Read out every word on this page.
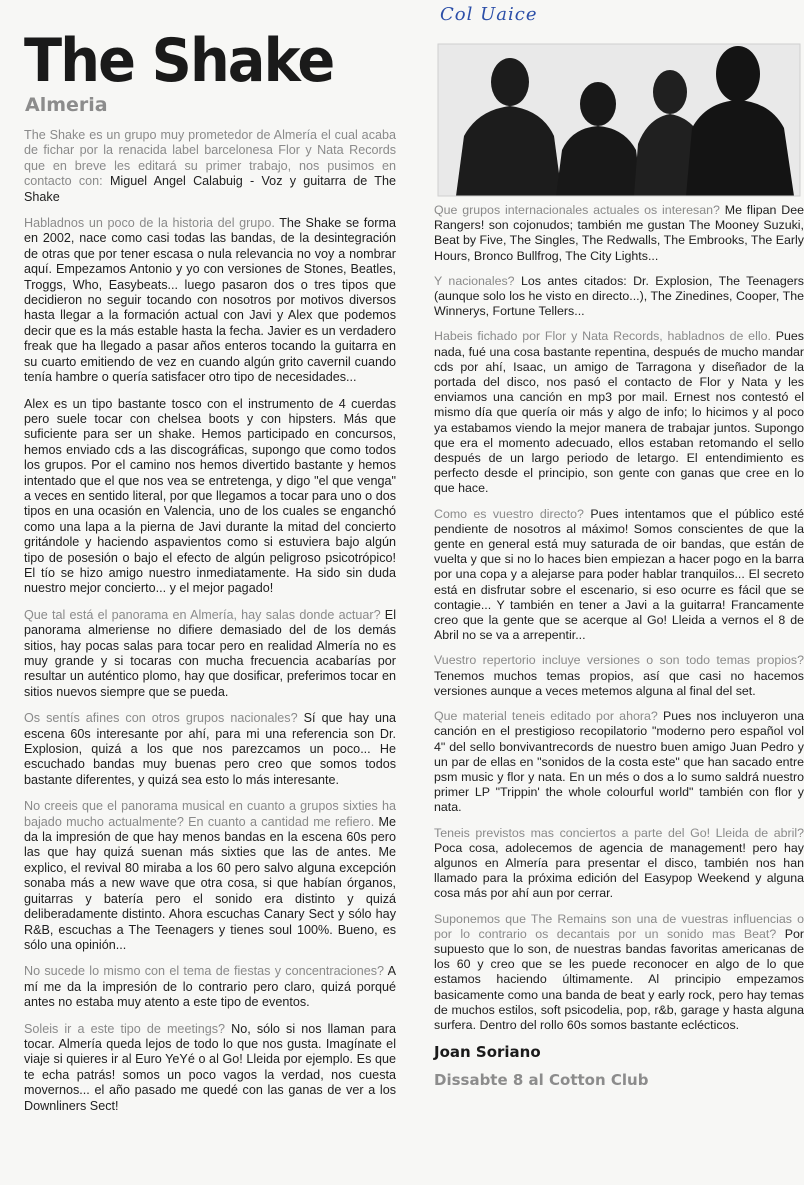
The Shake
Almeria

The Shake es un grupo muy prometedor de Almería el cual acaba de fichar por la renacida label barcelonesa Flor y Nata Records que en breve les editará su primer trabajo, nos pusimos en contacto con: Miguel Angel Calabuig - Voz y guitarra de The Shake

Habladnos un poco de la historia del grupo. The Shake se forma en 2002, nace como casi todas las bandas, de la desintegración de otras que por tener escasa o nula relevancia no voy a nombrar aquí. Empezamos Antonio y yo con versiones de Stones, Beatles, Troggs, Who, Easybeats... luego pasaron dos o tres tipos que decidieron no seguir tocando con nosotros por motivos diversos hasta llegar a la formación actual con Javi y Alex que podemos decir que es la más estable hasta la fecha. Javier es un verdadero freak que ha llegado a pasar años enteros tocando la guitarra en su cuarto emitiendo de vez en cuando algún grito cavernil cuando tenía hambre o quería satisfacer otro tipo de necesidades...

Alex es un tipo bastante tosco con el instrumento de 4 cuerdas pero suele tocar con chelsea boots y con hipsters. Más que suficiente para ser un shake. Hemos participado en concursos, hemos enviado cds a las discográficas, supongo que como todos los grupos. Por el camino nos hemos divertido bastante y hemos intentado que el que nos vea se entretenga, y digo "el que venga" a veces en sentido literal, por que llegamos a tocar para uno o dos tipos en una ocasión en Valencia, uno de los cuales se enganchó como una lapa a la pierna de Javi durante la mitad del concierto gritándole y haciendo aspavientos como si estuviera bajo algún tipo de posesión o bajo el efecto de algún peligroso psicotrópico! El tío se hizo amigo nuestro inmediatamente. Ha sido sin duda nuestro mejor concierto... y el mejor pagado!

Que tal está el panorama en Almería, hay salas donde actuar? El panorama almeriense no difiere demasiado del de los demás sitios, hay pocas salas para tocar pero en realidad Almería no es muy grande y si tocaras con mucha frecuencia acabarías por resultar un auténtico plomo, hay que dosificar, preferimos tocar en sitios nuevos siempre que se pueda.

Os sentís afines con otros grupos nacionales? Sí que hay una escena 60s interesante por ahí, para mi una referencia son Dr. Explosion, quizá a los que nos parezcamos un poco... He escuchado bandas muy buenas pero creo que somos todos bastante diferentes, y quizá sea esto lo más interesante.

No creeis que el panorama musical en cuanto a grupos sixties ha bajado mucho actualmente? En cuanto a cantidad me refiero. Me da la impresión de que hay menos bandas en la escena 60s pero las que hay quizá suenan más sixties que las de antes. Me explico, el revival 80 miraba a los 60 pero salvo alguna excepción sonaba más a new wave que otra cosa, si que habían órganos, guitarras y batería pero el sonido era distinto y quizá deliberadamente distinto. Ahora escuchas Canary Sect y sólo hay R&B, escuchas a The Teenagers y tienes soul 100%. Bueno, es sólo una opinión...

No sucede lo mismo con el tema de fiestas y concentraciones? A mí me da la impresión de lo contrario pero claro, quizá porqué antes no estaba muy atento a este tipo de eventos.

Soleis ir a este tipo de meetings? No, sólo si nos llaman para tocar. Almería queda lejos de todo lo que nos gusta. Imagínate el viaje si quieres ir al Euro YeYé o al Go! Lleida por ejemplo. Es que te echa patrás! somos un poco vagos la verdad, nos cuesta movernos... el año pasado me quedé con las ganas de ver a los Downliners Sect!

Col Uaice

Que grupos internacionales actuales os interesan? Me flipan Dee Rangers! son cojonudos; también me gustan The Mooney Suzuki, Beat by Five, The Singles, The Redwalls, The Embrooks, The Early Hours, Bronco Bullfrog, The City Lights...

Y nacionales? Los antes citados: Dr. Explosion, The Teenagers (aunque solo los he visto en directo...), The Zinedines, Cooper, The Winnerys, Fortune Tellers...

Habeis fichado por Flor y Nata Records, habladnos de ello. Pues nada, fué una cosa bastante repentina, después de mucho mandar cds por ahí, Isaac, un amigo de Tarragona y diseñador de la portada del disco, nos pasó el contacto de Flor y Nata y les enviamos una canción en mp3 por mail. Ernest nos contestó el mismo día que quería oir más y algo de info; lo hicimos y al poco ya estabamos viendo la mejor manera de trabajar juntos. Supongo que era el momento adecuado, ellos estaban retomando el sello después de un largo periodo de letargo. El entendimiento es perfecto desde el principio, son gente con ganas que cree en lo que hace.

Como es vuestro directo? Pues intentamos que el público esté pendiente de nosotros al máximo! Somos conscientes de que la gente en general está muy saturada de oir bandas, que están de vuelta y que si no lo haces bien empiezan a hacer pogo en la barra por una copa y a alejarse para poder hablar tranquilos... El secreto está en disfrutar sobre el escenario, si eso ocurre es fácil que se contagie... Y también en tener a Javi a la guitarra! Francamente creo que la gente que se acerque al Go! Lleida a vernos el 8 de Abril no se va a arrepentir...

Vuestro repertorio incluye versiones o son todo temas propios? Tenemos muchos temas propios, así que casi no hacemos versiones aunque a veces metemos alguna al final del set.

Que material teneis editado por ahora? Pues nos incluyeron una canción en el prestigioso recopilatorio "moderno pero español vol 4" del sello bonvivantrecords de nuestro buen amigo Juan Pedro y un par de ellas en "sonidos de la costa este" que han sacado entre psm music y flor y nata. En un més o dos a lo sumo saldrá nuestro primer LP "Trippin' the whole colourful world" también con flor y nata.

Teneis previstos mas conciertos a parte del Go! Lleida de abril? Poca cosa, adolecemos de agencia de management! pero hay algunos en Almería para presentar el disco, también nos han llamado para la próxima edición del Easypop Weekend y alguna cosa más por ahí aun por cerrar.

Suponemos que The Remains son una de vuestras influencias o por lo contrario os decantais por un sonido mas Beat? Por supuesto que lo son, de nuestras bandas favoritas americanas de los 60 y creo que se les puede reconocer en algo de lo que estamos haciendo últimamente. Al principio empezamos basicamente como una banda de beat y early rock, pero hay temas de muchos estilos, soft psicodelia, pop, r&b, garage y hasta alguna surfera. Dentro del rollo 60s somos bastante eclécticos.

Joan Soriano
Dissabte 8 al Cotton Club
